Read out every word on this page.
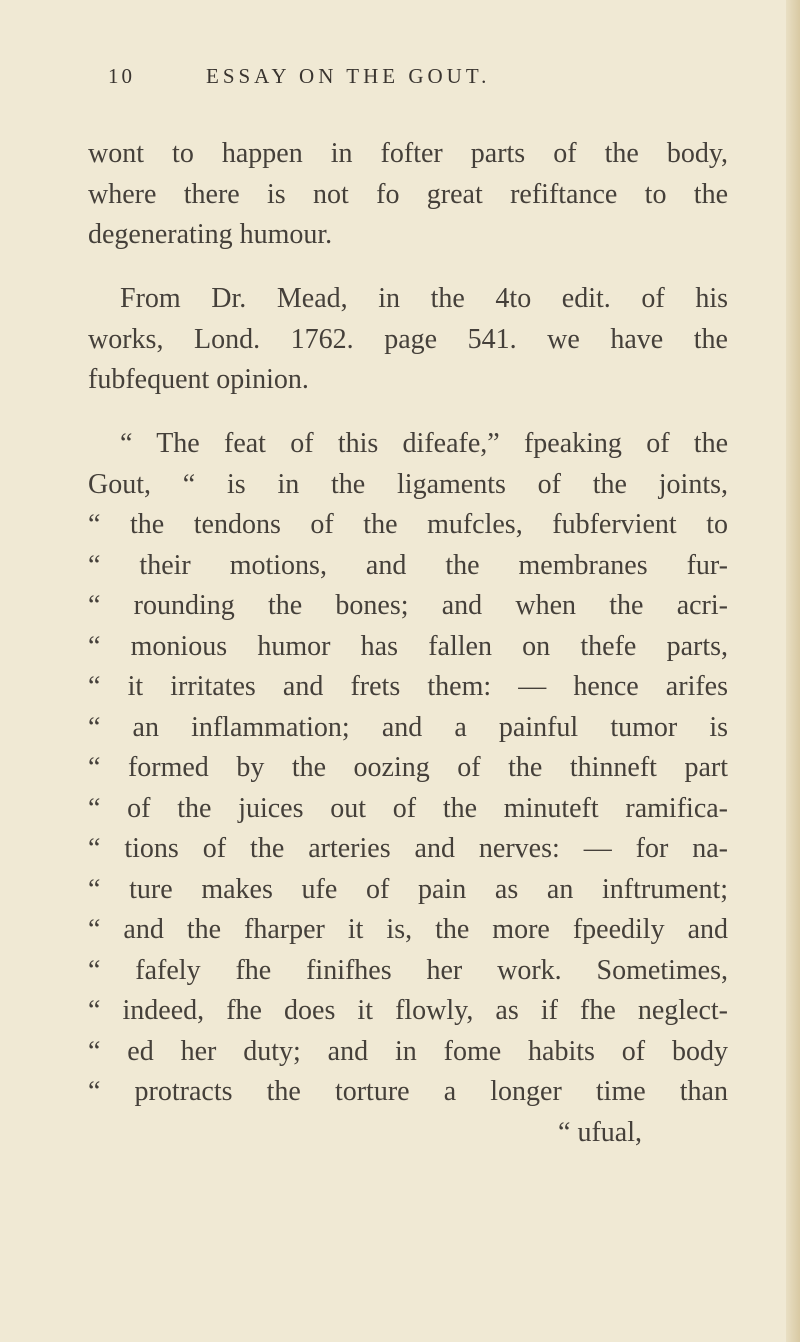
10	ESSAY ON THE GOUT.
wont to happen in fofter parts of the body,
where there is not fo great refiftance to the
degenerating humour.
From Dr. Mead, in the 4to edit. of his
works, Lond. 1762. page 541. we have the
fubfequent opinion.
“ The feat of this difeafe,” fpeaking of the
Gout, “ is in the ligaments of the joints,
“ the tendons of the mufcles, fubfervient to
“ their motions, and the membranes fur-
“ rounding the bones; and when the acri-
“ monious humor has fallen on thefe parts,
“ it irritates and frets them: — hence arifes
“ an inflammation; and a painful tumor is
“ formed by the oozing of the thinneft part
“ of the juices out of the minuteft ramifica-
“ tions of the arteries and nerves: — for na-
“ ture makes ufe of pain as an inftrument;
“ and the fharper it is, the more fpeedily and
“ fafely fhe finifhes her work. Sometimes,
“ indeed, fhe does it flowly, as if fhe neglect-
“ ed her duty; and in fome habits of body
“ protracts the torture a longer time than
“ ufual,
